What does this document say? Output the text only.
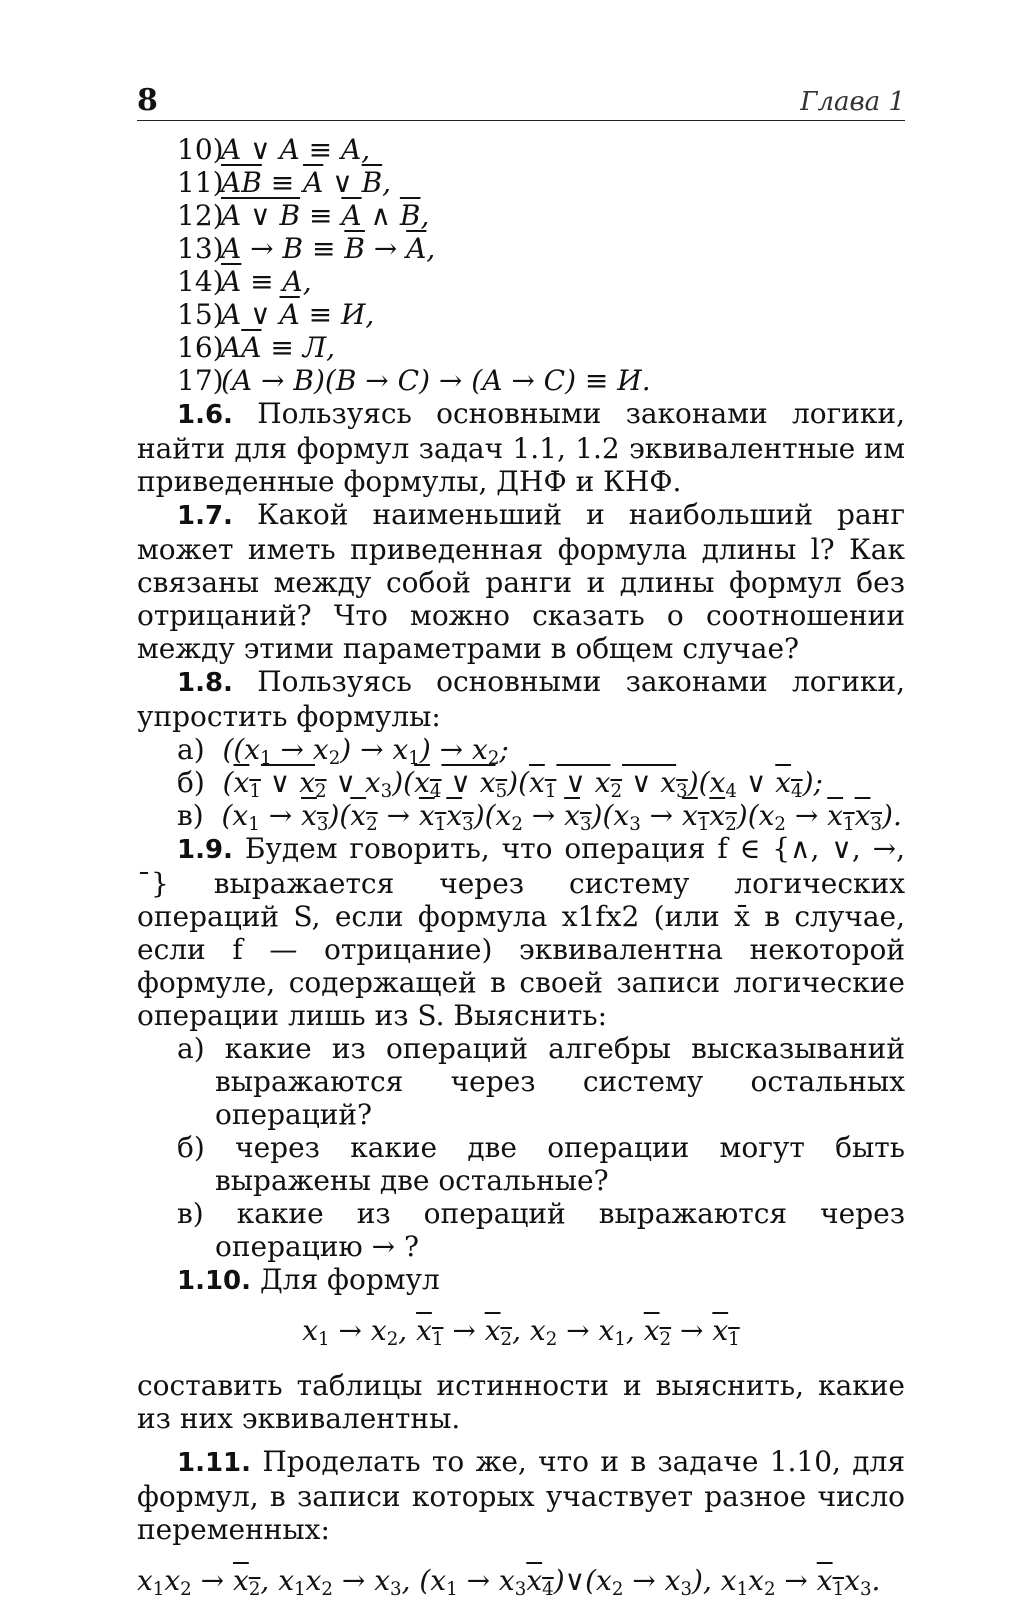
8	Глава 1
10)A ∨ A ≡ A,
$11)\overline{AB} \equiv \overline{A}$ ∨ $\overline{B}$,
12)A ∨ $B \equiv \overline{A}$ ∧ $\overline{B}$,
$13)A \to B \equiv \overline{B} \to \overline{A}$,
14)A ≡ A,
15)A ∨ $\overline{A} \equiv И$,
$16)A\overline{A} \equiv Л$,
17)(A → B)(B → C) → (A → C) ≡ И.

1.6. Пользуясь основными законами логики, найти для формул задач 1.1, 1.2 эквивалентные им приведенные формулы, ДНФ и КНФ.

1.7. Какой наименьший и наибольший ранг может иметь приведенная формула длины l? Как связаны между собой ранги и длины формул без отрицаний? Что можно сказать о соотношении между этими параметрами в общем случае?

1.8. Пользуясь основными законами логики, упростить формулы:

а) $((x_1 \to x_2) \to x_1) \to x_2$;
б) ($x_1$ ∨ $x_2$ ∨ $x_3)(x_4$ ∨ $x_5)(x_1$ ∨ $x_2$ ∨ $x_3)(x_4$ ∨ $x_4$);
в) $(x_1 \to x_3)(x_2 \to x_1x_3)(x_2 \to x_3)(x_3 \to x_1x_2)(x_2 \to x_1x_3)$.

1.9. Будем говорить, что операция f ∈ {∧, ∨, →, ¯} выражается через систему логических операций S, если формула x1fx2 (или x̄ в случае, если f — отрицание) эквивалентна некоторой формуле, содержащей в своей записи логические операции лишь из S. Выяснить:

а) какие из операций алгебры высказываний выражаются через систему остальных операций?
б) через какие две операции могут быть выражены две остальные?
в) какие из операций выражаются через операцию → ?

1.10. Для формул

$x_1 \to x_2$, $x_1 \to x_2$, $x_2 \to x_1$, $x_2 \to x_1$

составить таблицы истинности и выяснить, какие из них эквивалентны.

1.11. Проделать то же, что и в задаче 1.10, для формул, в записи которых участвует разное число переменных:

$x_1x_2 \to x_2$, $x_1x_2 \to x_3$, ($x_1$ → $x_3x_4)\vee(x_2 \to x_3)$, $x_1x_2 \to x_1x_3$.
